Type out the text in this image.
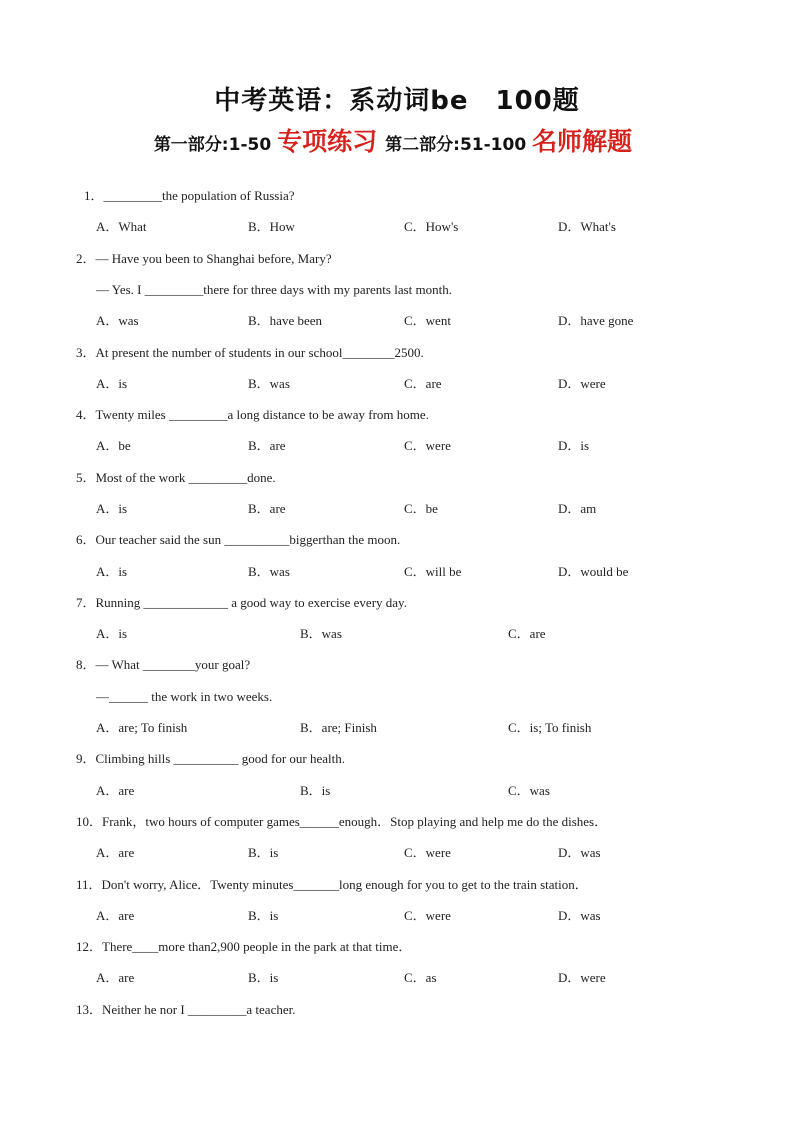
中考英语：系动词be　100题
第一部分:1-50 专项练习 第二部分:51-100 名师解题
1．_________the population of Russia?
A．What	B．How	C．How's	D．What's
2．— Have you been to Shanghai before, Mary?
— Yes. I _________there for three days with my parents last month.
A．was	B．have been	C．went	D．have gone
3．At present the number of students in our school________2500.
A．is	B．was	C．are	D．were
4．Twenty miles _________a long distance to be away from home.
A．be	B．are	C．were	D．is
5．Most of the work _________done.
A．is	B．are	C．be	D．am
6．Our teacher said the sun __________biggerthan the moon.
A．is	B．was	C．will be	D．would be
7．Running _____________ a good way to exercise every day.
A．is	B．was	C．are
8．— What ________your goal?
—______ the work in two weeks.
A．are; To finish	B．are; Finish	C．is; To finish
9．Climbing hills __________ good for our health.
A．are	B．is	C．was
10．Frank，two hours of computer games______enough．Stop playing and help me do the dishes．
A．are	B．is	C．were	D．was
11．Don't worry, Alice．Twenty minutes_______long enough for you to get to the train station．
A．are	B．is	C．were	D．was
12．There____more than2,900 people in the park at that time．
A．are	B．is	C．as	D．were
13．Neither he nor I _________a teacher.
